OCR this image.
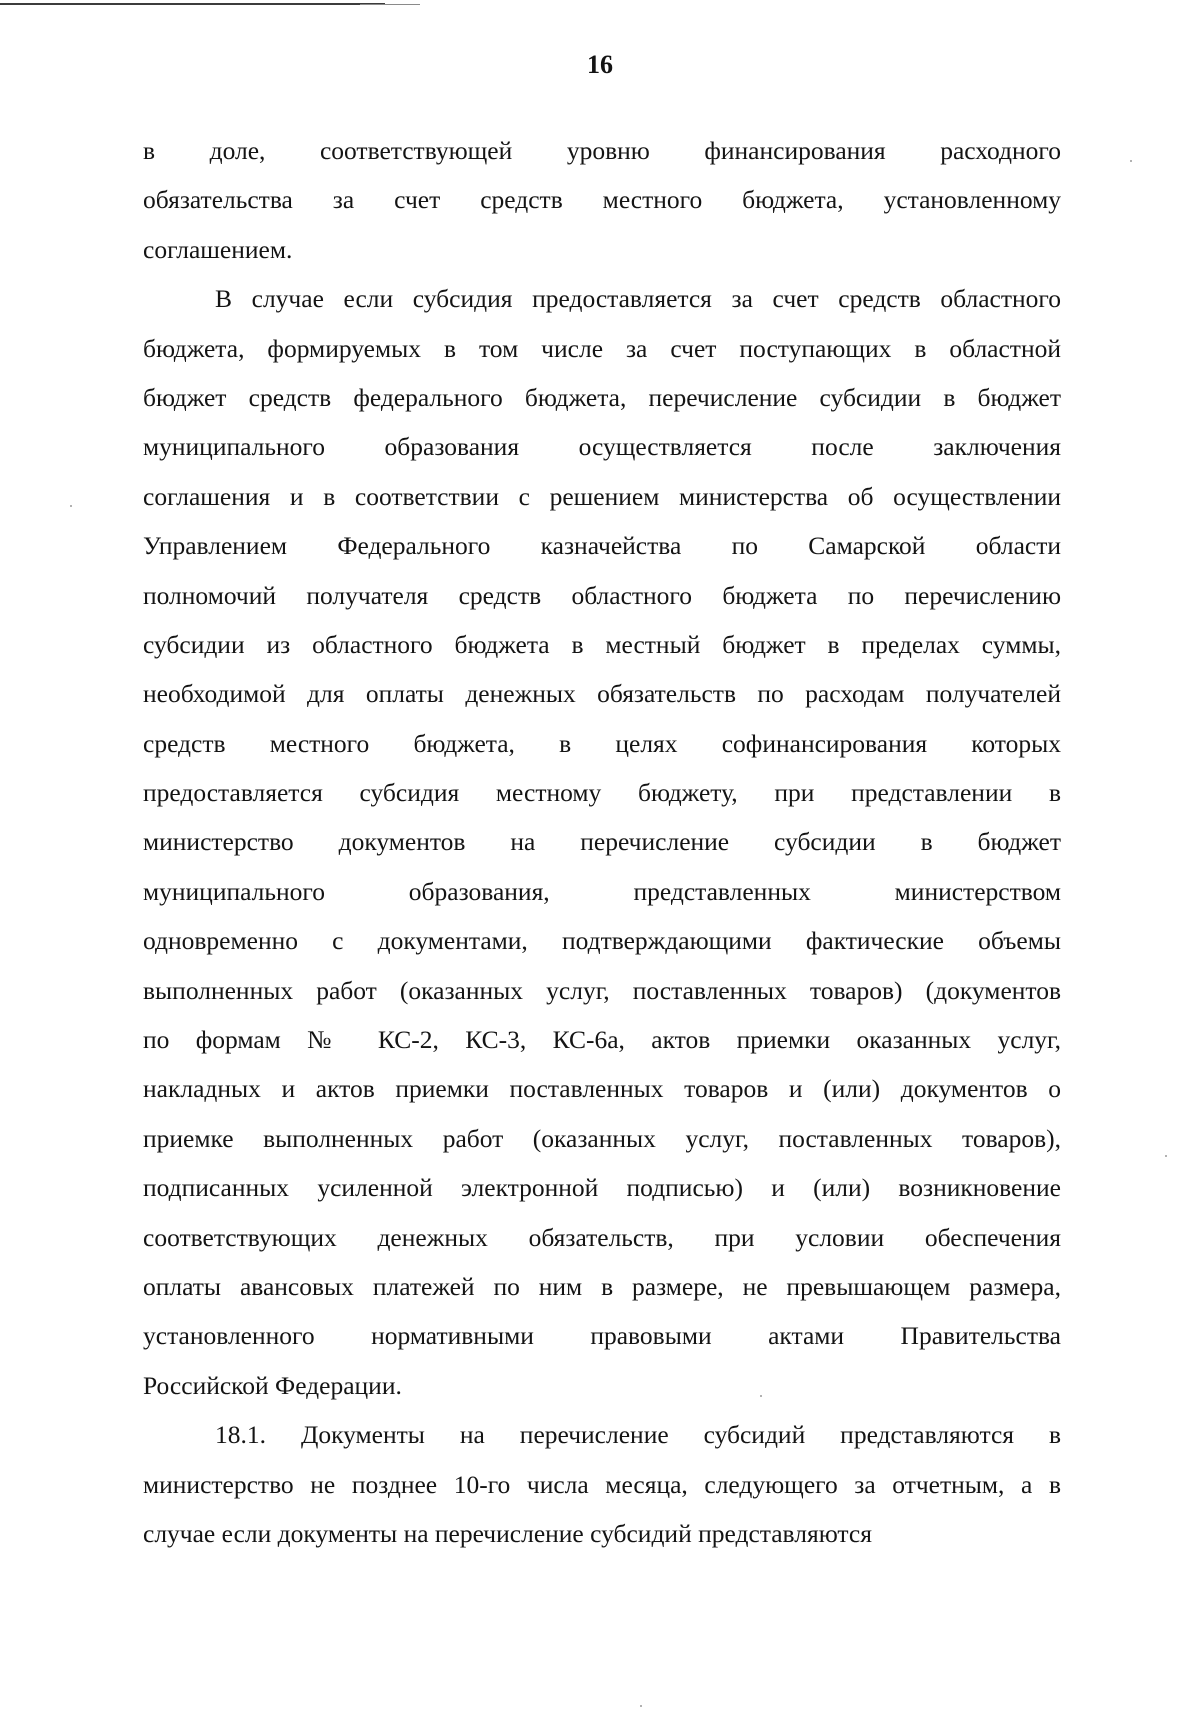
16
в доле, соответствующей уровню финансирования расходного
обязательства за счет средств местного бюджета, установленному
соглашением.
В случае если субсидия предоставляется за счет средств областного
бюджета, формируемых в том числе за счет поступающих в областной
бюджет средств федерального бюджета, перечисление субсидии в бюджет
муниципального образования осуществляется после заключения
соглашения и в соответствии с решением министерства об осуществлении
Управлением Федерального казначейства по Самарской области
полномочий получателя средств областного бюджета по перечислению
субсидии из областного бюджета в местный бюджет в пределах суммы,
необходимой для оплаты денежных обязательств по расходам получателей
средств местного бюджета, в целях софинансирования которых
предоставляется субсидия местному бюджету, при представлении в
министерство документов на перечисление субсидии в бюджет
муниципального образования, представленных министерством
одновременно с документами, подтверждающими фактические объемы
выполненных работ (оказанных услуг, поставленных товаров) (документов
по формам № КС-2, КС-3, КС-6а, актов приемки оказанных услуг,
накладных и актов приемки поставленных товаров и (или) документов о
приемке выполненных работ (оказанных услуг, поставленных товаров),
подписанных усиленной электронной подписью) и (или) возникновение
соответствующих денежных обязательств, при условии обеспечения
оплаты авансовых платежей по ним в размере, не превышающем размера,
установленного нормативными правовыми актами Правительства
Российской Федерации.
18.1. Документы на перечисление субсидий представляются в
министерство не позднее 10-го числа месяца, следующего за отчетным, а в
случае если документы на перечисление субсидий представляются
